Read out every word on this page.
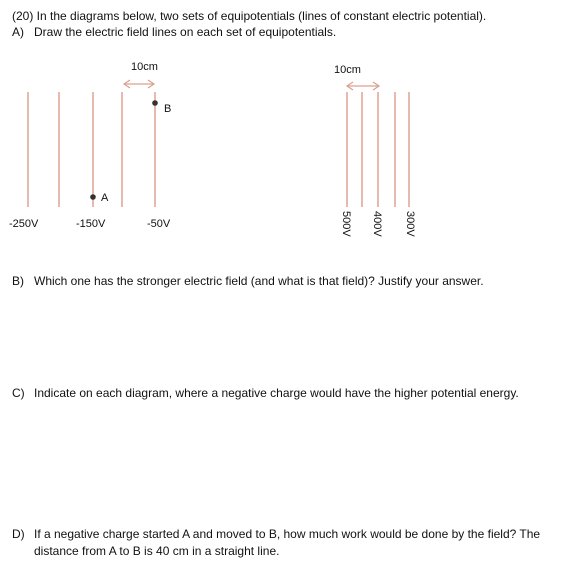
(20) In the diagrams below, two sets of equipotentials (lines of constant electric potential).
A) Draw the electric field lines on each set of equipotentials.
10cm
B
A
-250V	-150V	-50V
10cm
500V 400V 300V
B) Which one has the stronger electric field (and what is that field)? Justify your answer.
C) Indicate on each diagram, where a negative charge would have the higher potential energy.
D) If a negative charge started A and moved to B, how much work would be done by the field? The distance from A to B is 40 cm in a straight line.
